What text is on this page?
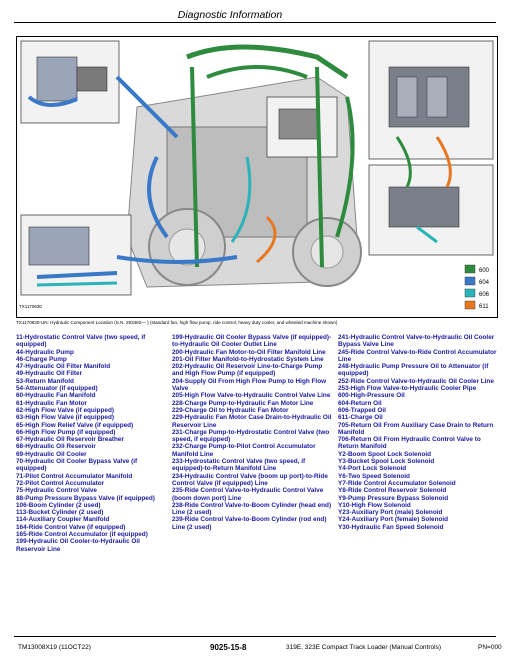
Diagnostic Information
600
604
606
611
TX1170630
TX1170630-UN: Hydraulic Component Location (S.N. 293482— ) (standard fan, high flow pump, ride control, heavy duty cooler, and wheeled machine shown)
11-Hydrostatic Control Valve (two speed, if equipped)
44-Hydraulic Pump
46-Charge Pump
47-Hydraulic Oil Filter Manifold
49-Hydraulic Oil Filter
53-Return Manifold
54-Attenuator (if equipped)
60-Hydraulic Fan Manifold
61-Hydraulic Fan Motor
62-High Flow Valve (if equipped)
63-High Flow Valve (if equipped)
65-High Flow Relief Valve (if equipped)
66-High Flow Pump (if equipped)
67-Hydraulic Oil Reservoir Breather
68-Hydraulic Oil Reservoir
69-Hydraulic Oil Cooler
70-Hydraulic Oil Cooler Bypass Valve (if equipped)
71-Pilot Control Accumulator Manifold
72-Pilot Control Accumulator
75-Hydraulic Control Valve
88-Pump Pressure Bypass Valve (if equipped)
106-Boom Cylinder (2 used)
113-Bucket Cylinder (2 used)
114-Auxiliary Coupler Manifold
164-Ride Control Valve (if equipped)
165-Ride Control Accumulator (if equipped)
199-Hydraulic Oil Cooler-to-Hydraulic Oil Reservoir Line
199-Hydraulic Oil Cooler Bypass Valve (if equipped)-to-Hydraulic Oil Cooler Outlet Line
200-Hydraulic Fan Motor-to-Oil Filter Manifold Line
201-Oil Filter Manifold-to-Hydrostatic System Line
202-Hydraulic Oil Reservoir Line-to-Charge Pump and High Flow Pump (if equipped)
204-Supply Oil From High Flow Pump to High Flow Valve
205-High Flow Valve-to-Hydraulic Control Valve Line
228-Charge Pump-to-Hydraulic Fan Motor Line
229-Charge Oil to Hydraulic Fan Motor
229-Hydraulic Fan Motor Case Drain-to-Hydraulic Oil Reservoir Line
231-Charge Pump-to-Hydrostatic Control Valve (two speed, if equipped)
232-Charge Pump-to-Pilot Control Accumulator Manifold Line
233-Hydrostatic Control Valve (two speed, if equipped)-to-Return Manifold Line
234-Hydraulic Control Valve (boom up port)-to-Ride Control Valve (if equipped) Line
235-Ride Control Valve-to-Hydraulic Control Valve (boom down port) Line
238-Ride Control Valve-to-Boom Cylinder (head end) Line (2 used)
239-Ride Control Valve-to-Boom Cylinder (rod end) Line (2 used)
241-Hydraulic Control Valve-to-Hydraulic Oil Cooler Bypass Valve Line
245-Ride Control Valve-to-Ride Control Accumulator Line
248-Hydraulic Pump Pressure Oil to Attenuator (if equipped)
252-Ride Control Valve-to-Hydraulic Oil Cooler Line
253-High Flow Valve-to-Hydraulic Cooler Pipe
600-High-Pressure Oil
604-Return Oil
606-Trapped Oil
611-Charge Oil
705-Return Oil From Auxiliary Case Drain to Return Manifold
706-Return Oil From Hydraulic Control Valve to Return Manifold
Y2-Boom Spool Lock Solenoid
Y3-Bucket Spool Lock Solenoid
Y4-Port Lock Solenoid
Y6-Two Speed Solenoid
Y7-Ride Control Accumulator Solenoid
Y8-Ride Control Reservoir Solenoid
Y9-Pump Pressure Bypass Solenoid
Y10-High Flow Solenoid
Y23-Auxiliary Port (male) Solenoid
Y24-Auxiliary Port (female) Solenoid
Y30-Hydraulic Fan Speed Solenoid
TM13008X19 (11OCT22)	9025-15-8	319E, 323E Compact Track Loader (Manual Controls)	PN=000
